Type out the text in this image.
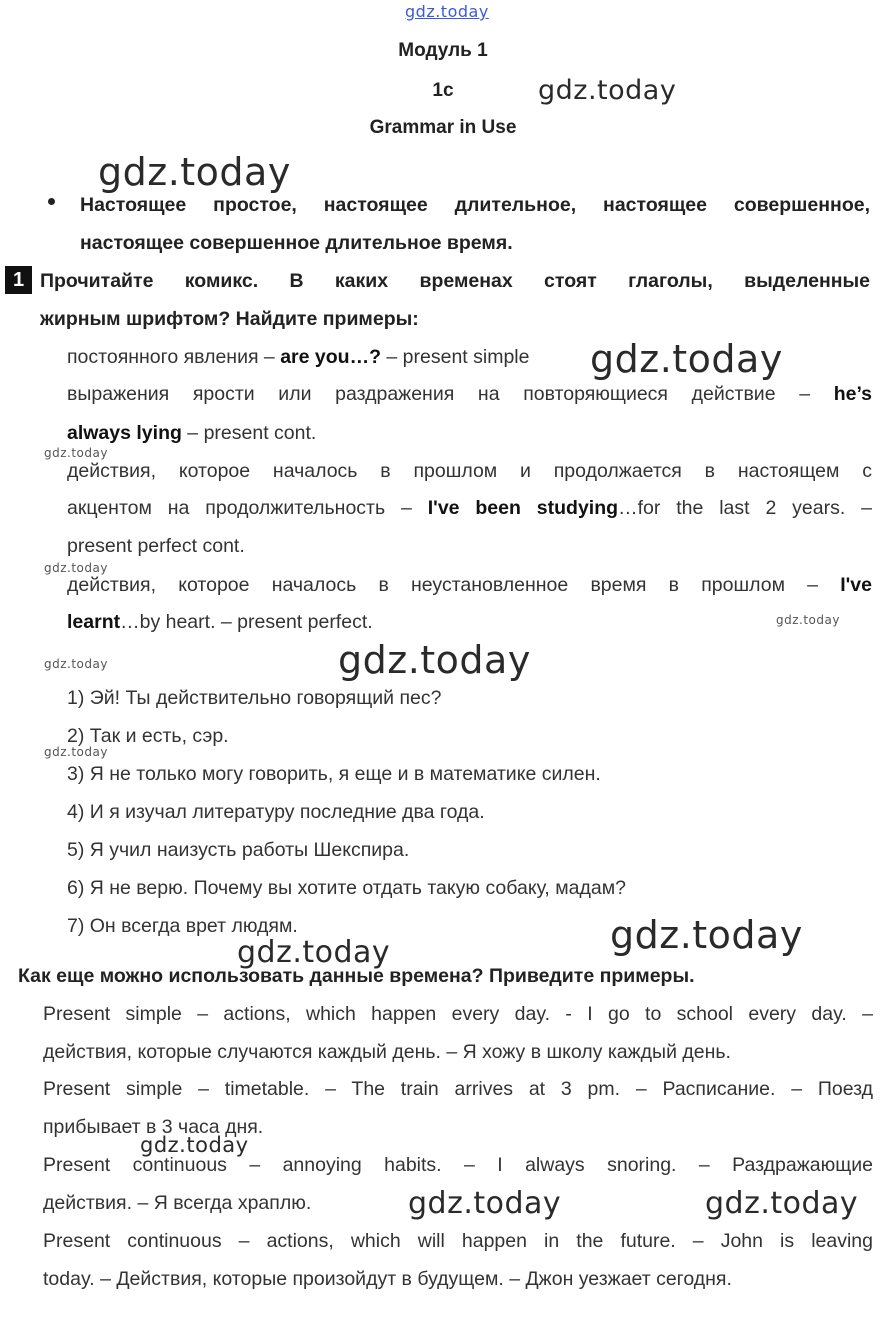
gdz.today
Модуль 1
1c	gdz.today
Grammar in Use
gdz.today
Настоящее простое, настоящее длительное, настоящее совершенное,
настоящее совершенное длительное время.
1 Прочитайте комикс. В каких временах стоят глаголы, выделенные
жирным шрифтом? Найдите примеры:
постоянного явления – are you…? – present simple gdz.today
выражения ярости или раздражения на повторяющиеся действие – he’s
always lying – present cont.
gdz.today
действия, которое началось в прошлом и продолжается в настоящем с
акцентом на продолжительность – I've been studying…for the last 2 years. –
present perfect cont.
gdz.today
действия, которое началось в неустановленное время в прошлом – I've
learnt…by heart. – present perfect.	gdz.today
gdz.today	gdz.today
1) Эй! Ты действительно говорящий пес?
2) Так и есть, сэр.
gdz.today
3) Я не только могу говорить, я еще и в математике силен.
4) И я изучал литературу последние два года.
5) Я учил наизусть работы Шекспира.
6) Я не верю. Почему вы хотите отдать такую собаку, мадам?
7) Он всегда врет людям.	gdz.today
gdz.today
Как еще можно использовать данные времена? Приведите примеры.
Present simple – actions, which happen every day. - I go to school every day. –
действия, которые случаются каждый день. – Я хожу в школу каждый день.
Present simple – timetable. – The train arrives at 3 pm. – Расписание. – Поезд
прибывает в 3 часа дня.
gdz.today
Present continuous – annoying habits. – I always snoring. – Раздражающие
действия. – Я всегда храплю.	gdz.today	gdz.today
Present continuous – actions, which will happen in the future. – John is leaving
today. – Действия, которые произойдут в будущем. – Джон уезжает сегодня.
